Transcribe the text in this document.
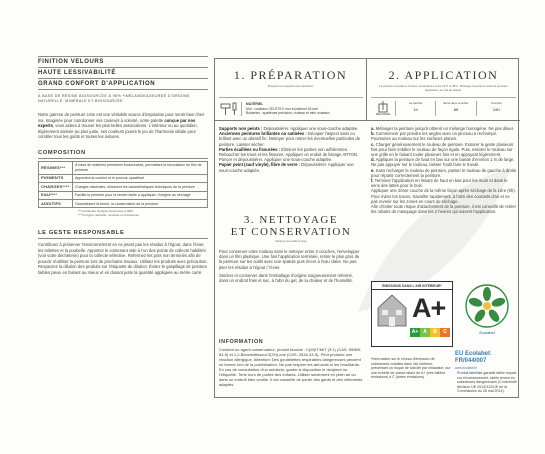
FINITION VELOURS
HAUTE LESSIVABILITÉ
GRAND CONFORT D'APPLICATION
À BASE DE RÉSINE BIOSOURCÉE À 95% *IMÉLANGEAGEUREÉ D'ORIGINE NATURELLE, MINÉRALE ET BIOSOURCÉE
Notre gamme de peinture Unie est une véritable source d'inspiration pour sentir bien chez soi. Imaginée pour coordonner vos couleurs à volonté, notre palette conçue par nos experts, vous aidera à trouver les plus belles associations. L'intérieur ou au quotidien, légèrement satinée au plus juste, ses couleurs jouent le jeu de l'harmonie idéale pour combler tous les goûts et toutes les natures.
COMPOSITION
RÉSINES***	À base de matières premières biosourcées, permettant la formulation du film de peinture
PIGMENTS	Apportent la couleur et le pouvoir opacifiant
CHARGES****	Charges minérales, réduisent les caractéristiques techniques de la peinture
EAU****	Facilite la peinture pour la rendre facile à appliquer, d'origine au séchage
ADDITIFS	Garantissent la tenue, la conservation de la peinture
***constituant d'origine biosourcée à 98%
****d'origine naturelle, minérale ou biosourcée
LE GESTE RESPONSABLE
Contribuez à préserver l'environnement en ne jetant pas les résidus à l'égout, dans l'évier, les toilettes et la poubelle. Apportez le contenant vide à l'un des points de collecte habilités (voir votre déchèterie) pour la collecte sélective. Refermez les pots non terminés afin de pouvoir réutiliser la peinture lors de prochains travaux. Utilisez les produits avec précaution. Respectez la dilution des produits sur l'étiquette de dilution. Évitez le gaspillage de peinture faibles pieux en faisant au mieux et en dosant juste la quantité appliquée au mètre carré.
1. PRÉPARATION
Préparer les supports avec précision
MATÉRIEL
Mur : rouleaux CELÉTEX mur et plafond 18 mm
Boiseries : spalteuse précision, rouleau et mini rouleaux
2. APPLICATION
La peinture est prête à l'emploi, température entre 12°C et 28°C. Mélanger la peinture avant la première application, en cas de besoin.
MÉLANGER
Au toucher
1h
Entre deux couches
6H
Complet
24H
Supports non peints : Dépoussiérer. Appliquer une sous-couche adaptée.
Anciennes peintures brillantes ou satinées : Décaper l'aspect satin ou brillant avec un abrasif fin. Nettoyer pour retirer les éventuelles particules de peinture. Laisser sécher.
Parties écaillées ou fissurées : Éliminer les parties non adhérentes. Reboucher les trous et les fissures. Appliquer un enduit de lissage ARTON. Poncer et dépoussiérer. Appliquer une sous-couche adaptée.
Papier peint (sauf vinyle), fibre de verre : Dépoussiérer. Appliquer une sous-couche adaptée.
a. Mélanger la peinture jusqu'à obtenir un mélange homogène. Ne pas diluer.
b. Commencer par peindre les angles avec un pinceau à rechampir. Poursuivre au rouleau sur les surfaces planes.
c. Charger généreusement le rouleau de peinture. Essorer le geste plusieurs fois pour bien imbiber le rouleau de façon égale. Puis, essorer le rouleau sur une grille en le faisant rouler plusieurs fois et en appuyant légèrement.
d. Appliquer la peinture de haut en bas sur une bande d'environ 1 m de large. Ne pas appuyer sur le rouleau, laisser l'outil faire le travail.
e. Sans recharger le rouleau de peinture, passer le rouleau de gauche à droite pour répartir correctement la peinture.
f. Terminer l'application en lissant de haut en bas pour les murs et dans le sens des lattes pour le bois.
Appliquer une 2ème couche de la même façon après séchage de la 1ère (6h). Pour éviter les traces, travailler rapidement, à l'abri des courants d'air et ne pas revenir sur les zones en cours de séchage.
Afin d'éviter toute risque d'attachement de la peinture, il est conseillé de retirer les rubans de masquage dans les 2 heures qui suivent l'application.
3. NETTOYAGE
ET CONSERVATION
Nettoyer les outils à l'eau
Pour conserver votre rouleau sans le nettoyer entre 2 couches, l'envelopper dans un film plastique. Une fois l'application terminée, retirer le plus gros de la peinture sur les outils avec une spatule puis rincer à l'eau claire. Ne pas jeter les résidus à l'égout / l'évier.
Stocker et conserver dans l'emballage d'origine soigneusement refermé, dans un endroit frais et sec, à l'abri du gel, de la chaleur et de l'humidité.
INFORMATION
Contient un agent conservateur, produit biocide : C(M)IT/MIT (3:1) (CAS: 55965-84-9) et 1,2-Benzisothiazol-3(2H)-one (CAS: 2634-33-5). Peut produire une réaction allergique. Attention! Des gouttelettes respirables dangereuses peuvent se former lors de la pulvérisation. Ne pas respirer les aérosols ni les brouillards. En cas de consultation d'un médecin, garder à disposition le récipient ou l'étiquette. Tenir hors de portée des enfants. Utiliser seulement en plein air ou dans un endroit bien ventilé. Il est conseillé de porter des gants et des vêtements adaptés.
ÉMISSIONS DANS L'AIR INTÉRIEUR*
A+
A+ A	B	C	Ecolabel
EU Ecolabel: FR/044/007
www.ecolabel.fr
*Information sur le niveau d'émission de substances volatiles dans l'air intérieur, présentant un risque de toxicité par inhalation, sur une échelle de classe allant de A+ (très faibles émissions) à C (fortes émissions).
Produit labellisé garantit faible impact sur l'environnement, faible teneur en substances dangereuses (Conformité décision UE 2014/312/UE de la Commission du 28 mai 2014).
